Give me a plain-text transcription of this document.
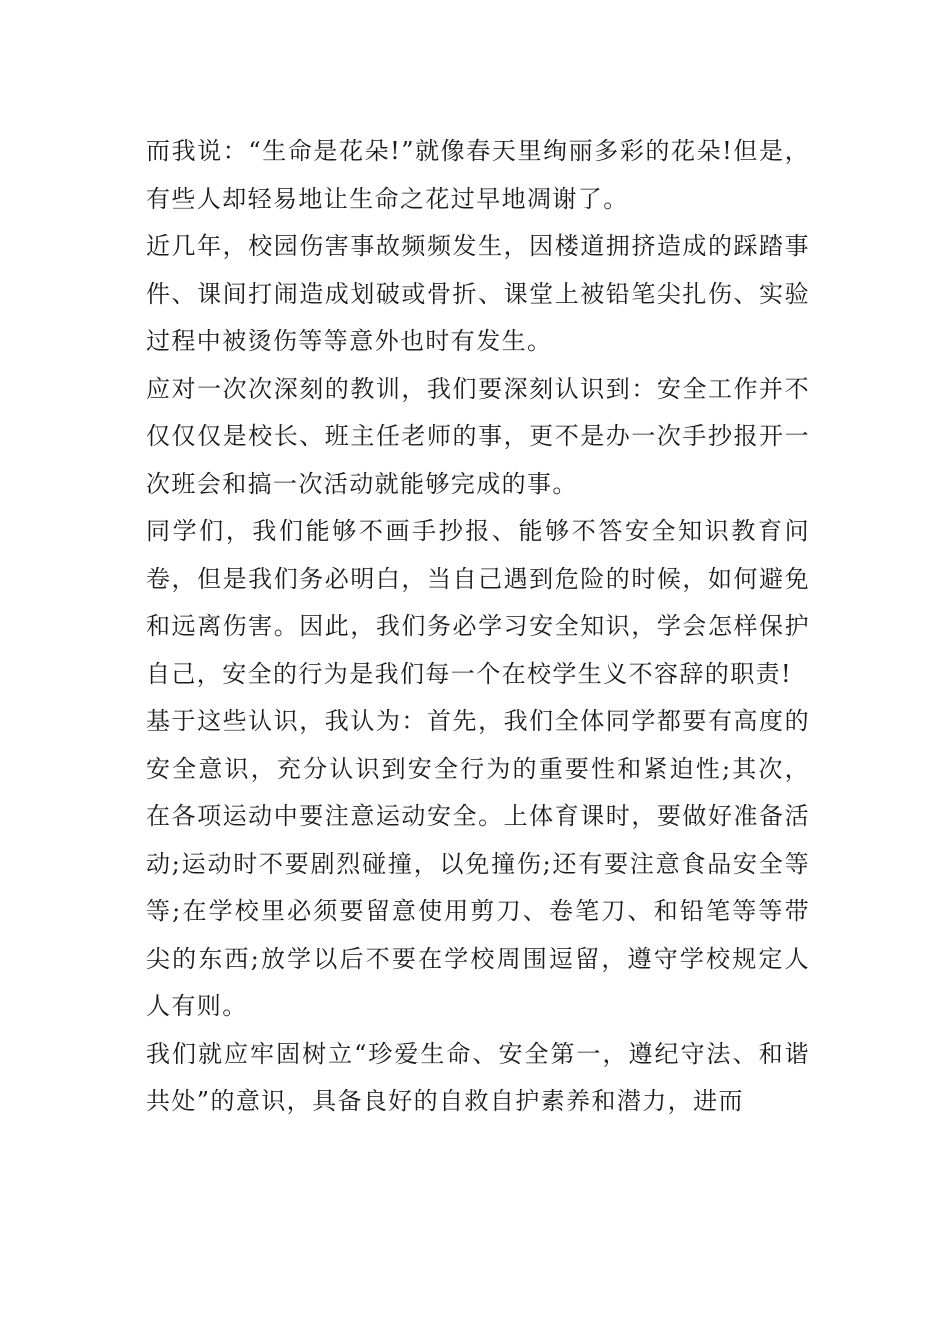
而我说：“生命是花朵!”就像春天里绚丽多彩的花朵!但是，有些人却轻易地让生命之花过早地凋谢了。

近几年，校园伤害事故频频发生，因楼道拥挤造成的踩踏事件、课间打闹造成划破或骨折、课堂上被铅笔尖扎伤、实验过程中被烫伤等等意外也时有发生。

应对一次次深刻的教训，我们要深刻认识到：安全工作并不仅仅仅是校长、班主任老师的事，更不是办一次手抄报开一次班会和搞一次活动就能够完成的事。

同学们，我们能够不画手抄报、能够不答安全知识教育问卷，但是我们务必明白，当自己遇到危险的时候，如何避免和远离伤害。因此，我们务必学习安全知识，学会怎样保护自己，安全的行为是我们每一个在校学生义不容辞的职责!

基于这些认识，我认为：首先，我们全体同学都要有高度的安全意识，充分认识到安全行为的重要性和紧迫性;其次，在各项运动中要注意运动安全。上体育课时，要做好准备活动;运动时不要剧烈碰撞，以免撞伤;还有要注意食品安全等等;在学校里必须要留意使用剪刀、卷笔刀、和铅笔等等带尖的东西;放学以后不要在学校周围逗留，遵守学校规定人人有则。

我们就应牢固树立“珍爱生命、安全第一，遵纪守法、和谐共处”的意识，具备良好的自救自护素养和潜力，进而
